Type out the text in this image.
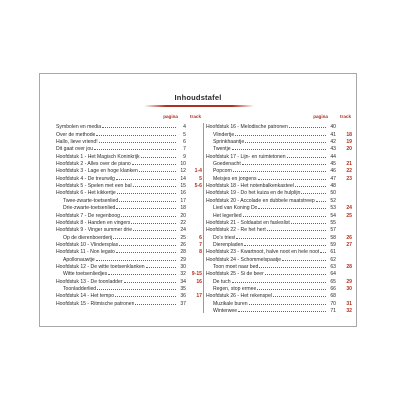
Inhoudstafel
pagina	track
Symbolen en media	4
Over de methode	5
Hallo, lieve vriend!	6
Dit gaat over jou	7
Hoofdstuk 1 - Het Magisch Koninkrijk	9
Hoofdstuk 2 - Alles over de piano	10
Hoofdstuk 3 - Lage en hoge klanken	12	1-4
Hoofdstuk 4 - De treurwilg	14	5
Hoofdstuk 5 - Spelen met een bal	15	5-6
Hoofdstuk 6 - Het kikkertje	16
Twee-zwarte-toetsenlied	17
Drie-zwarte-toetsenlied	18
Hoofdstuk 7 - De regenboog	20
Hoofdstuk 8 - Handen en vingers	22
Hoofdstuk 9 - Vinger summer drie	24
Op de dierenboerderij	25	6
Hoofdstuk 10 - Vlindersplas	26	7
Hoofdstuk 11 - Non legato	28	8
Apollonauwtje	29
Hoofdstuk 12 - De witte toetsenklanken	30
Witte toetsenliedjes	32	9-15
Hoofdstuk 13 - De toonladder	34	16
Toonladderlied	35
Hoofdstuk 14 - Het tempo	36	17
Hoofdstuk 15 - Ritmische patronen	37
pagina	track
Hoofdstuk 16 - Melodische patronen	40
Vlindertje	41	18
Sprinkhaantje	42	19
Twentje	43	20
Hoofdstuk 17 - Lijn- en ruimtetonen	44
Goedenacht	45	21
Popcorn	46	22
Meisjes en jongens	47	23
Hoofdstuk 18 - Het notenbalkenkasteel	48
Hoofdstuk 19 - Do het kuiza en de hulplijn	50
Hoofdstuk 20 - Accolade en dubbele maatstreep	52
Lied van Koning Do	53	24
Het legerlied	54	25
Hoofdstuk 21 - Soldaatst en fasleslist	55
Hoofdstuk 22 - Re het hert	57
Do's triest	58	26
Dierenpladen	59	27
Hoofdstuk 23 - Kwartnoot, halve noot en hele noot	61
Hoofdstuk 24 - Schommelspaatje	62
Toon moet naar bed	63	28
Hoofdstuk 25 - Si de beer	64
De tuch	65	29
Regen, stop ermee	66	30
Hoofdstuk 26 - Het rekenspel	68
Muzikale buren	70	31
Winterwee	71	32
